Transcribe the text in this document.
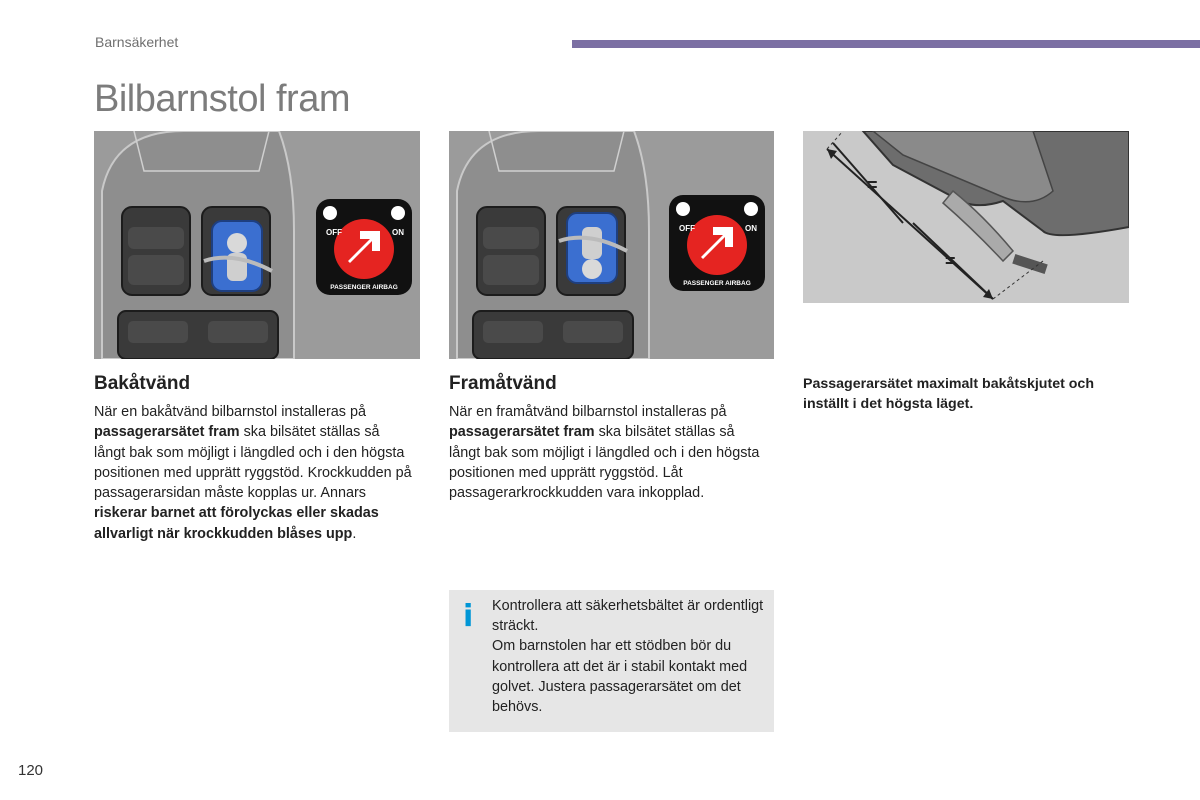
Barnsäkerhet
Bilbarnstol fram
OFF	ON
PASSENGER AIRBAG
OFF	ON
PASSENGER AIRBAG
=
=
Bakåtvänd

När en bakåtvänd bilbarnstol installeras på passagerarsätet fram ska bilsätet ställas så långt bak som möjligt i längdled och i den högsta positionen med upprätt ryggstöd. Krockkudden på passagerarsidan måste kopplas ur. Annars riskerar barnet att förolyckas eller skadas allvarligt när krockkudden blåses upp.

Framåtvänd

När en framåtvänd bilbarnstol installeras på passagerarsätet fram ska bilsätet ställas så långt bak som möjligt i längdled och i den högsta positionen med upprätt ryggstöd. Låt passagerarkrockkudden vara inkopplad.

Passagerarsätet maximalt bakåtskjutet och inställt i det högsta läget.

i Kontrollera att säkerhetsbältet är ordentligt sträckt.
Om barnstolen har ett stödben bör du kontrollera att det är i stabil kontakt med golvet. Justera passagerarsätet om det behövs.

120
